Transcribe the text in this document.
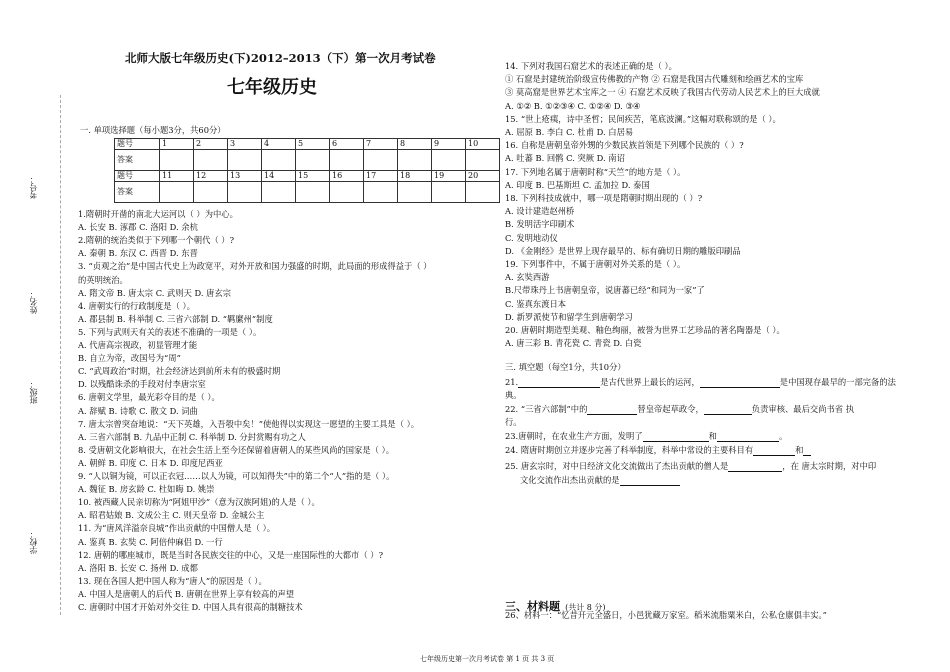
考号：
姓名：
班级：
学校：
北师大版七年级历史(下)2012–2013（下）第一次月考试卷
七年级历史
一. 单项选择题（每小题3分，共60分）
题号	1	2	3	4	5	6	7	8	9	10
答案										
题号	11	12	13	14	15	16	17	18	19	20
答案										
1.隋朝时开凿的南北大运河以（ ）为中心。
A. 长安 B. 涿郡 C. 洛阳 D. 余杭
2.隋朝的统治类似于下列哪一个朝代（ ）?
A. 秦朝 B. 东汉 C. 西晋 D. 东晋
3. “贞观之治”是中国古代史上为政宽平，对外开放和国力强盛的时期，此局面的形成得益于（ ）
的英明统治。
A. 隋文帝 B. 唐太宗 C. 武则天 D. 唐玄宗
4. 唐朝实行的行政制度是（ ）。
A. 郡县制 B. 科举制 C. 三省六部制 D. “羁縻州”制度
5. 下列与武则天有关的表述不准确的一项是（ ）。
A. 代唐高宗视政，初显管理才能
B. 自立为帝，改国号为“周”
C. “武周政治”时期，社会经济达到前所未有的极盛时期
D. 以残酷诛杀的手段对付李唐宗室
6. 唐朝文学里，最光彩夺目的是（ ）。
A. 辞赋 B. 诗歌 C. 散文 D. 词曲
7. 唐太宗曾突奋地说：“天下英雄，入吾彀中矣！”使他得以实现这一愿望的主要工具是（ ）。
A. 三省六部制 B. 九品中正制 C. 科举制 D. 分封赏赐有功之人
8. 受唐朝文化影响很大，在社会生活上至今还保留着唐朝人的某些风尚的国家是（ ）。
A. 朝鲜 B. 印度 C. 日本 D. 印度尼西亚
9. “人以铜为镜，可以正衣冠……以人为镜，可以知得失”中的第二个“人”指的是（ ）。
A. 魏征 B. 房玄龄 C. 杜如晦 D. 姚崇
10. 被西藏人民亲切称为“阿姐甲沙”（意为汉族阿姐)的人是（ ）。
A. 昭君姑娘 B. 文成公主 C. 则天皇帝 D. 金城公主
11. 为“唐风洋溢奈良城”作出贡献的中国僧人是（ ）。
A. 鉴真 B. 玄奘 C. 阿倍仲麻侣 D. 一行
12. 唐朝的哪座城市，既是当时各民族交往的中心，又是一座国际性的大都市（ ）?
A. 洛阳 B. 长安 C. 扬州 D. 成都
13. 现在各国人把中国人称为“唐人”的原因是（ ）。
A. 中国人是唐朝人的后代 B. 唐朝在世界上享有较高的声望
C. 唐朝时中国才开始对外交往 D. 中国人具有很高的制糖技术
14. 下列对我国石窟艺术的表述正确的是（ ）。
① 石窟是封建统治阶级宣传佛教的产物 ② 石窟是我国古代雕刻和绘画艺术的宝库
③ 莫高窟是世界艺术宝库之一 ④ 石窟艺术反映了我国古代劳动人民艺术上的巨大成就
A. ①② B. ①②③④ C. ①②④ D. ③④
15. “世上疮痍，诗中圣哲；民间疾苦，笔底波澜。”这幅对联称颂的是（ ）。
A. 屈原 B. 李白 C. 杜甫 D. 白居易
16. 自称是唐朝皇帝外甥的少数民族首领是下列哪个民族的（ ）?
A. 吐蕃 B. 回鹘 C. 突厥 D. 南诏
17. 下列地名属于唐朝时称“天竺”的地方是（ ）。
A. 印度 B. 巴基斯坦 C. 孟加拉 D. 泰国
18. 下列科技成就中，哪一项是隋朝时期出现的（ ）?
A. 设计建造赵州桥
B. 发明活字印刷术
C. 发明地动仪
D. 《金刚经》是世界上现存最早的、标有确切日期的雕版印刷品
19. 下列事件中，不属于唐朝对外关系的是（ ）。
A. 玄奘西游
B.尺带珠丹上书唐朝皇帝，说唐蕃已经“和同为一家”了
C. 鉴真东渡日本
D. 新罗派使节和留学生到唐朝学习
20. 唐朝时期造型美观、釉色绚丽，被誉为世界工艺珍品的著名陶器是（ ）。
A. 唐三彩 B. 青花瓷 C. 青瓷 D. 白瓷
三. 填空题（每空1分，共10分）
21.	是古代世界上最长的运河，	是中国现存最早的一部完备的法
典。
22. “三省六部制”中的	替皇帝起草政令，	负责审核、最后交尚书省 执
行。
23.唐朝时，在农业生产方面，发明了	和	。
24. 隋唐时期创立并逐步完善了科举制度，科举中常设的主要科目有	和
25. 唐玄宗时，对中日经济文化交流做出了杰出贡献的僧人是	，在 唐太宗时期，对中印
文化交流作出杰出贡献的是
三、材料题 (共计 8 分)
26、材料一：“忆昔开元全盛日，小邑犹藏万家室。稻米流脂粟米白，公私仓廪俱丰实。”
七年级历史第一次月考试卷 第 1 页 共 3 页
